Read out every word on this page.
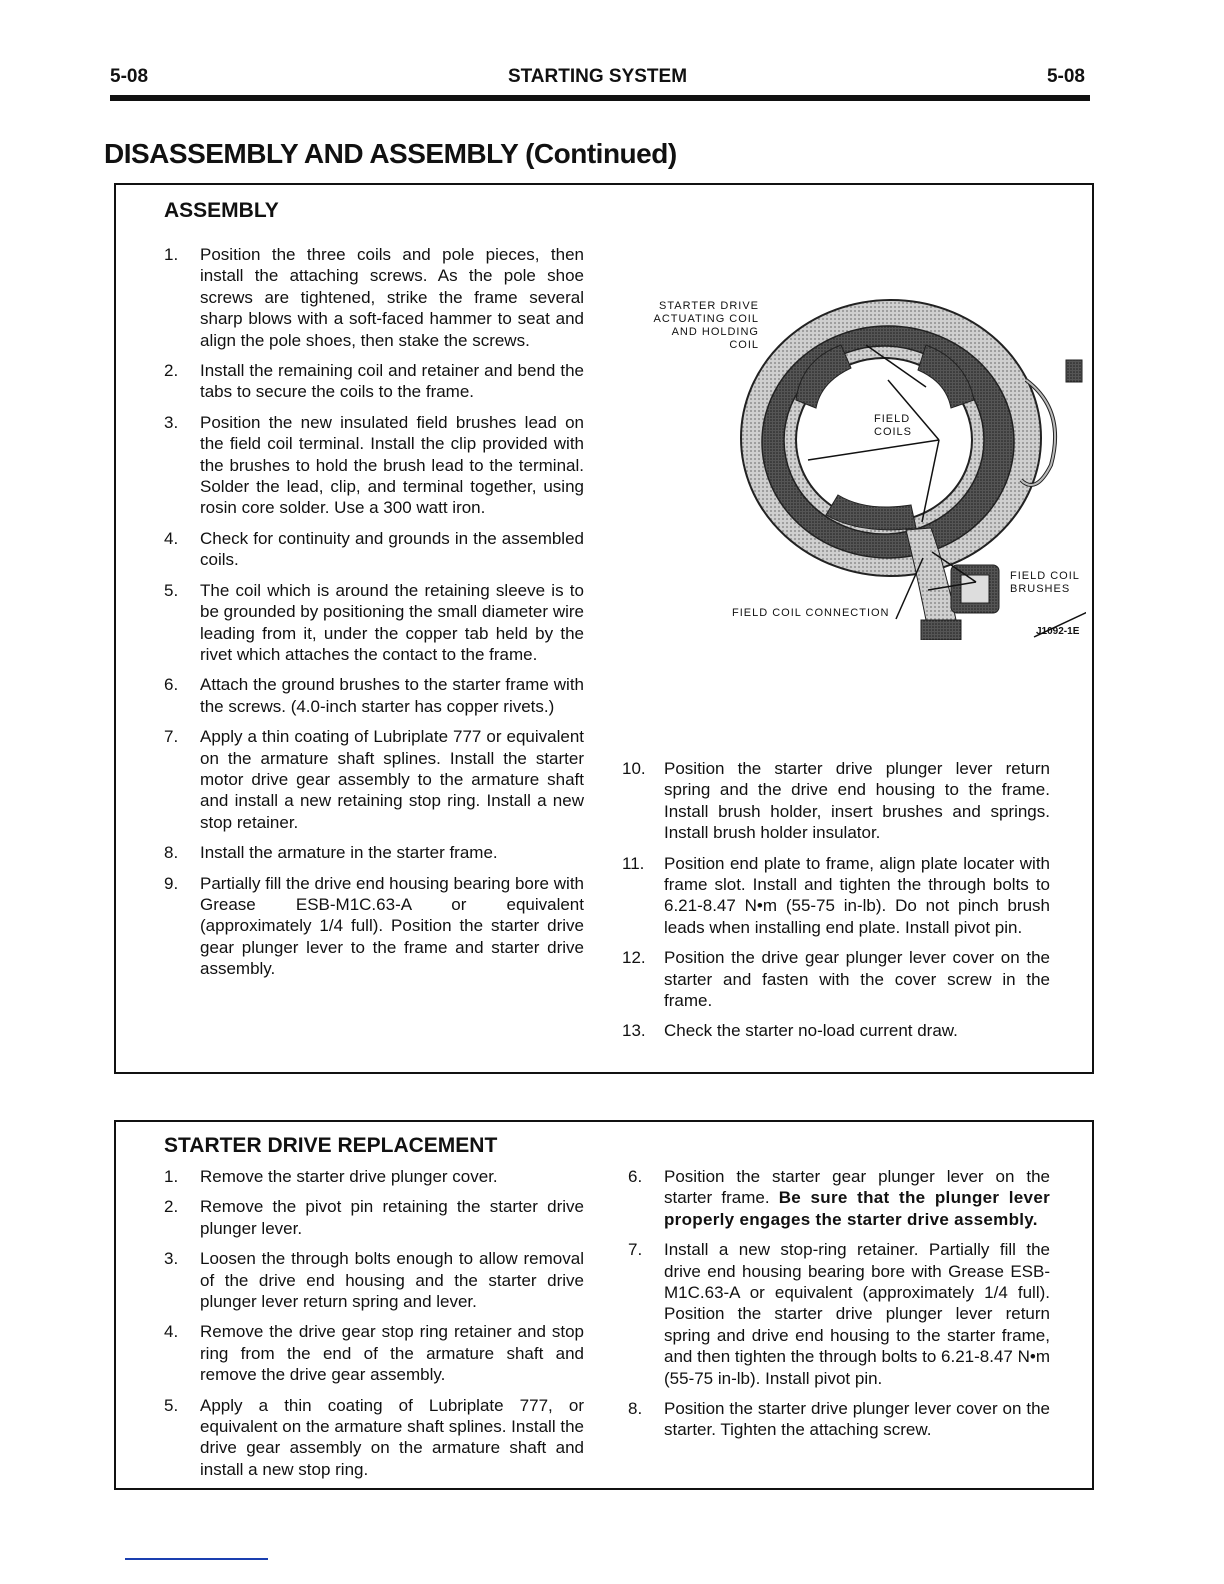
5-08	STARTING SYSTEM	5-08
DISASSEMBLY AND ASSEMBLY (Continued)
ASSEMBLY
1.	Position the three coils and pole pieces, then install the attaching screws. As the pole shoe screws are tightened, strike the frame several sharp blows with a soft-faced hammer to seat and align the pole shoes, then stake the screws.
2.	Install the remaining coil and retainer and bend the tabs to secure the coils to the frame.
3.	Position the new insulated field brushes lead on the field coil terminal. Install the clip provided with the brushes to hold the brush lead to the terminal. Solder the lead, clip, and terminal together, using rosin core solder. Use a 300 watt iron.
4.	Check for continuity and grounds in the assembled coils.
5.	The coil which is around the retaining sleeve is to be grounded by positioning the small diameter wire leading from it, under the copper tab held by the rivet which attaches the contact to the frame.
6.	Attach the ground brushes to the starter frame with the screws. (4.0-inch starter has copper rivets.)
7.	Apply a thin coating of Lubriplate 777 or equivalent on the armature shaft splines. Install the starter motor drive gear assembly to the armature shaft and install a new retaining stop ring. Install a new stop retainer.
8.	Install the armature in the starter frame.
9.	Partially fill the drive end housing bearing bore with Grease ESB-M1C.63-A or equivalent (approximately 1/4 full). Position the starter drive gear plunger lever to the frame and starter drive assembly.
STARTER DRIVE
ACTUATING COIL
AND HOLDING COIL
FIELD
COILS
FIELD COIL
BRUSHES
FIELD COIL CONNECTION
J1092-1E
10.	Position the starter drive plunger lever return spring and the drive end housing to the frame. Install brush holder, insert brushes and springs. Install brush holder insulator.
11.	Position end plate to frame, align plate locater with frame slot. Install and tighten the through bolts to 6.21-8.47 N•m (55-75 in-lb). Do not pinch brush leads when installing end plate. Install pivot pin.
12.	Position the drive gear plunger lever cover on the starter and fasten with the cover screw in the frame.
13.	Check the starter no-load current draw.
STARTER DRIVE REPLACEMENT
1.	Remove the starter drive plunger cover.
2.	Remove the pivot pin retaining the starter drive plunger lever.
3.	Loosen the through bolts enough to allow removal of the drive end housing and the starter drive plunger lever return spring and lever.
4.	Remove the drive gear stop ring retainer and stop ring from the end of the armature shaft and remove the drive gear assembly.
5.	Apply a thin coating of Lubriplate 777, or equivalent on the armature shaft splines. Install the drive gear assembly on the armature shaft and install a new stop ring.
6.	Position the starter gear plunger lever on the starter frame. Be sure that the plunger lever properly engages the starter drive assembly.
7.	Install a new stop-ring retainer. Partially fill the drive end housing bearing bore with Grease ESB-M1C.63-A or equivalent (approximately 1/4 full). Position the starter drive plunger lever return spring and drive end housing to the starter frame, and then tighten the through bolts to 6.21-8.47 N•m (55-75 in-lb). Install pivot pin.
8.	Position the starter drive plunger lever cover on the starter. Tighten the attaching screw.
